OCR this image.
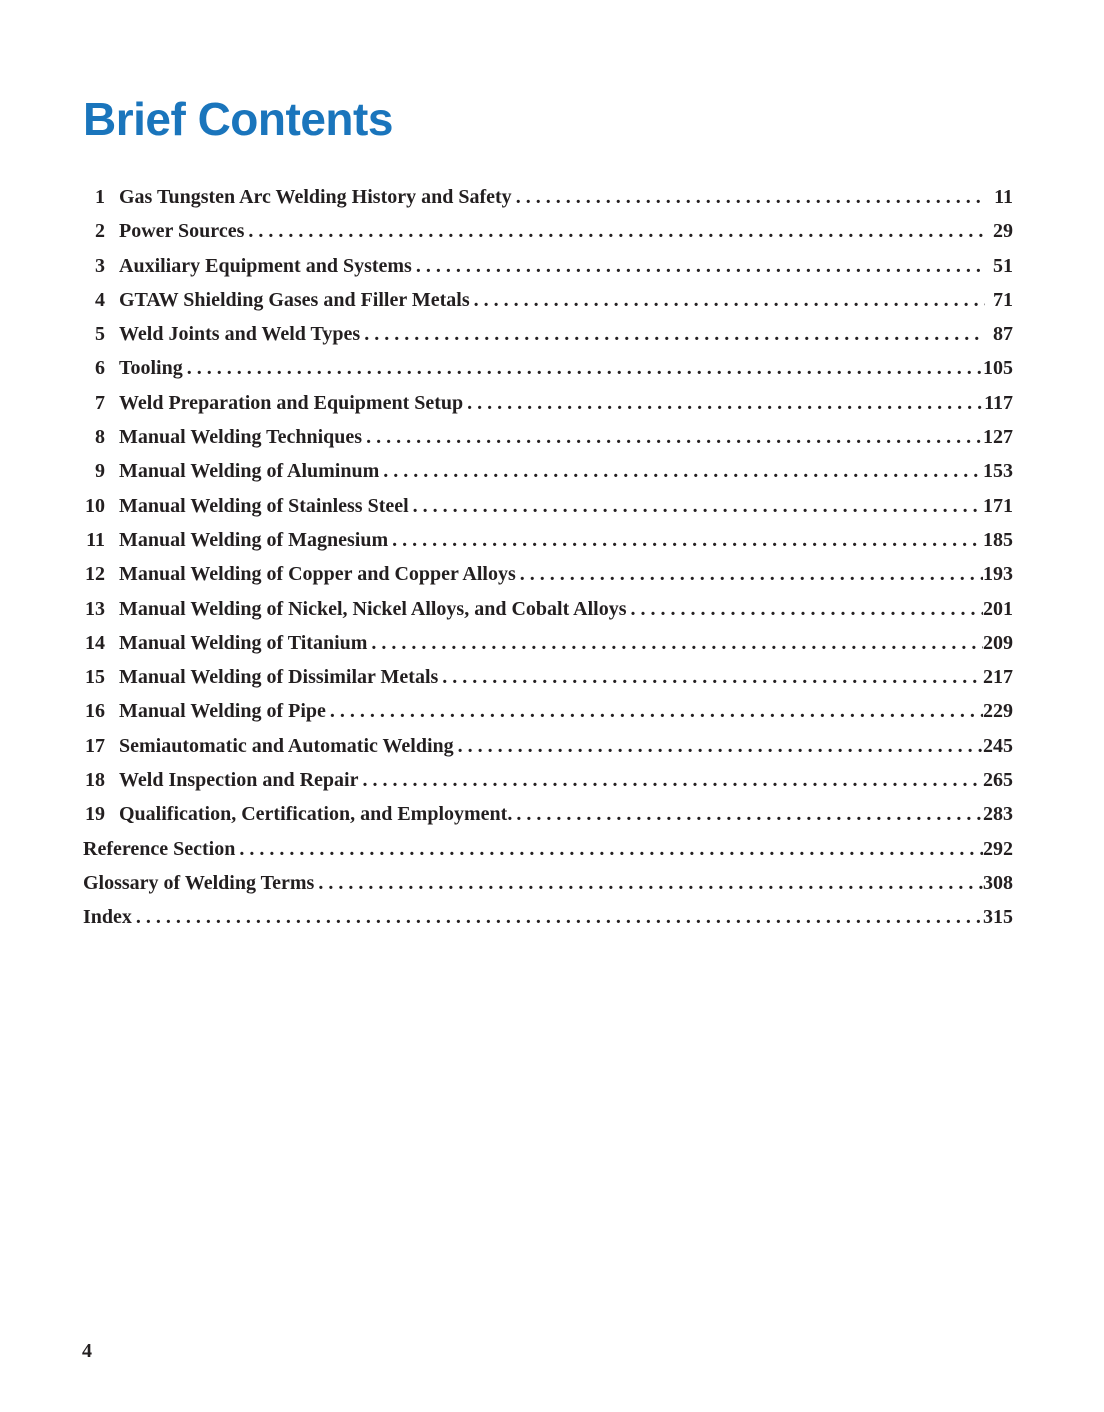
Brief Contents
1 Gas Tungsten Arc Welding History and Safety . . .	11
2 Power Sources . . .	29
3 Auxiliary Equipment and Systems . . .	51
4 GTAW Shielding Gases and Filler Metals . . .	71
5 Weld Joints and Weld Types . . .	87
6 Tooling . . .	105
7 Weld Preparation and Equipment Setup . . .	117
8 Manual Welding Techniques . . .	127
9 Manual Welding of Aluminum . . .	153
10 Manual Welding of Stainless Steel . . .	171
11 Manual Welding of Magnesium . . .	185
12 Manual Welding of Copper and Copper Alloys . . .	193
13 Manual Welding of Nickel, Nickel Alloys, and Cobalt Alloys . . .	201
14 Manual Welding of Titanium . . .	209
15 Manual Welding of Dissimilar Metals . . .	217
16 Manual Welding of Pipe . . .	229
17 Semiautomatic and Automatic Welding . . .	245
18 Weld Inspection and Repair . . .	265
19 Qualification, Certification, and Employment. . . .	283
Reference Section . . .	292
Glossary of Welding Terms . . .	308
Index . . .	315
4
